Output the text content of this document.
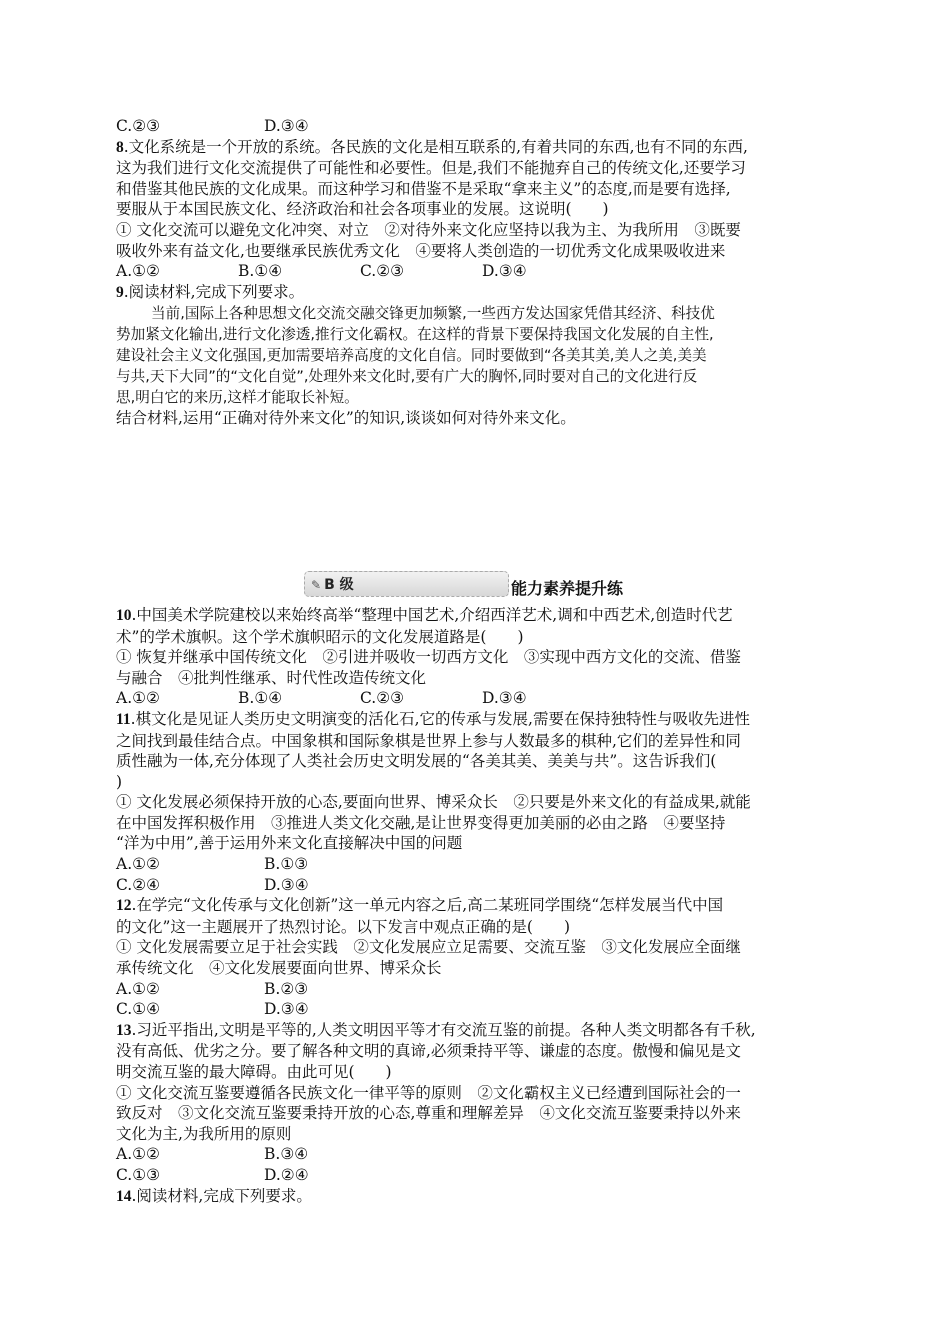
C.②③	D.③④
8.文化系统是一个开放的系统。各民族的文化是相互联系的,有着共同的东西,也有不同的东西,
这为我们进行文化交流提供了可能性和必要性。但是,我们不能抛弃自己的传统文化,还要学习
和借鉴其他民族的文化成果。而这种学习和借鉴不是采取“拿来主义”的态度,而是要有选择,
要服从于本国民族文化、经济政治和社会各项事业的发展。这说明(　　)
① 文化交流可以避免文化冲突、对立　②对待外来文化应坚持以我为主、为我所用　③既要
吸收外来有益文化,也要继承民族优秀文化　④要将人类创造的一切优秀文化成果吸收进来
A.①②	B.①④	C.②③	D.③④
9.阅读材料,完成下列要求。
当前,国际上各种思想文化交流交融交锋更加频繁,一些西方发达国家凭借其经济、科技优
势加紧文化输出,进行文化渗透,推行文化霸权。在这样的背景下要保持我国文化发展的自主性,
建设社会主义文化强国,更加需要培养高度的文化自信。同时要做到“各美其美,美人之美,美美
与共,天下大同”的“文化自觉”,处理外来文化时,要有广大的胸怀,同时要对自己的文化进行反
思,明白它的来历,这样才能取长补短。
结合材料,运用“正确对待外来文化”的知识,谈谈如何对待外来文化。
✎ B 级	能力素养提升练
10.中国美术学院建校以来始终高举“整理中国艺术,介绍西洋艺术,调和中西艺术,创造时代艺
术”的学术旗帜。这个学术旗帜昭示的文化发展道路是(　　)
① 恢复并继承中国传统文化　②引进并吸收一切西方文化　③实现中西方文化的交流、借鉴
与融合　④批判性继承、时代性改造传统文化
A.①②	B.①④	C.②③	D.③④
11.棋文化是见证人类历史文明演变的活化石,它的传承与发展,需要在保持独特性与吸收先进性
之间找到最佳结合点。中国象棋和国际象棋是世界上参与人数最多的棋种,它们的差异性和同
质性融为一体,充分体现了人类社会历史文明发展的“各美其美、美美与共”。这告诉我们(
)
① 文化发展必须保持开放的心态,要面向世界、博采众长　②只要是外来文化的有益成果,就能
在中国发挥积极作用　③推进人类文化交融,是让世界变得更加美丽的必由之路　④要坚持
“洋为中用”,善于运用外来文化直接解决中国的问题
A.①②	B.①③
C.②④	D.③④
12.在学完“文化传承与文化创新”这一单元内容之后,高二某班同学围绕“怎样发展当代中国
的文化”这一主题展开了热烈讨论。以下发言中观点正确的是(　　)
① 文化发展需要立足于社会实践　②文化发展应立足需要、交流互鉴　③文化发展应全面继
承传统文化　④文化发展要面向世界、博采众长
A.①②	B.②③
C.①④	D.③④
13.习近平指出,文明是平等的,人类文明因平等才有交流互鉴的前提。各种人类文明都各有千秋,
没有高低、优劣之分。要了解各种文明的真谛,必须秉持平等、谦虚的态度。傲慢和偏见是文
明交流互鉴的最大障碍。由此可见(　　)
① 文化交流互鉴要遵循各民族文化一律平等的原则　②文化霸权主义已经遭到国际社会的一
致反对　③文化交流互鉴要秉持开放的心态,尊重和理解差异　④文化交流互鉴要秉持以外来
文化为主,为我所用的原则
A.①②	B.③④
C.①③	D.②④
14.阅读材料,完成下列要求。
